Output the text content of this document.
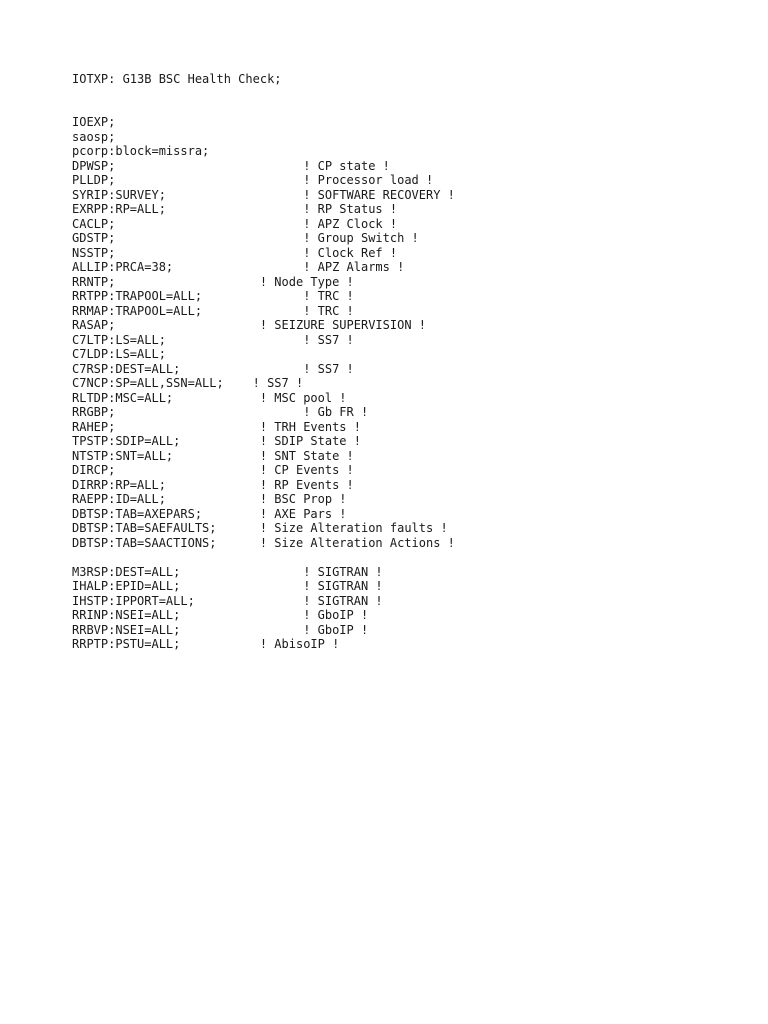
IOTXP: G13B BSC Health Check;
IOEXP;
saosp;
pcorp:block=missra;
DPWSP;                          ! CP state !
PLLDP;                          ! Processor load !
SYRIP:SURVEY;                   ! SOFTWARE RECOVERY !
EXRPP:RP=ALL;                   ! RP Status !
CACLP;                          ! APZ Clock !
GDSTP;                          ! Group Switch !
NSSTP;                          ! Clock Ref !
ALLIP:PRCA=38;                  ! APZ Alarms !
RRNTP;                    ! Node Type !
RRTPP:TRAPOOL=ALL;              ! TRC !
RRMAP:TRAPOOL=ALL;              ! TRC !
RASAP;                    ! SEIZURE SUPERVISION !
C7LTP:LS=ALL;                   ! SS7 !
C7LDP:LS=ALL;
C7RSP:DEST=ALL;                 ! SS7 !
C7NCP:SP=ALL,SSN=ALL;    ! SS7 !
RLTDP:MSC=ALL;            ! MSC pool !
RRGBP;                          ! Gb FR !
RAHEP;                    ! TRH Events !
TPSTP:SDIP=ALL;           ! SDIP State !
NTSTP:SNT=ALL;            ! SNT State !
DIRCP;                    ! CP Events !
DIRRP:RP=ALL;             ! RP Events !
RAEPP:ID=ALL;             ! BSC Prop !
DBTSP:TAB=AXEPARS;        ! AXE Pars !
DBTSP:TAB=SAEFAULTS;      ! Size Alteration faults !
DBTSP:TAB=SAACTIONS;      ! Size Alteration Actions !
M3RSP:DEST=ALL;                 ! SIGTRAN !
IHALP:EPID=ALL;                 ! SIGTRAN !
IHSTP:IPPORT=ALL;               ! SIGTRAN !
RRINP:NSEI=ALL;                 ! GboIP !
RRBVP:NSEI=ALL;                 ! GboIP !
RRPTP:PSTU=ALL;           ! AbisoIP !
